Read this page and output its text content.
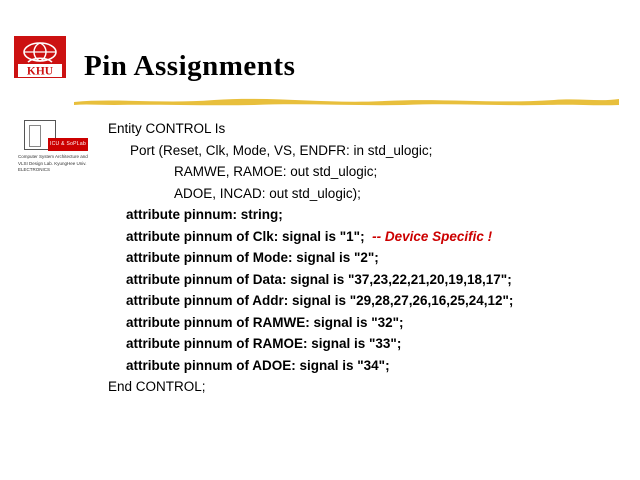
KHU Pin Assignments
ICU & SoPLab
Computer System Architecture and VLSI Design Lab. KyungHee Univ. ELECTRONICS
Entity CONTROL Is
Port (Reset, Clk, Mode, VS, ENDFR: in std_ulogic;
RAMWE, RAMOE: out std_ulogic;
ADOE, INCAD: out std_ulogic);
attribute pinnum: string;
attribute pinnum of Clk: signal is "1";  -- Device Specific !
attribute pinnum of Mode: signal is "2";
attribute pinnum of Data: signal is "37,23,22,21,20,19,18,17";
attribute pinnum of Addr: signal is "29,28,27,26,16,25,24,12";
attribute pinnum of RAMWE: signal is "32";
attribute pinnum of RAMOE: signal is "33";
attribute pinnum of ADOE: signal is "34";
End CONTROL;
